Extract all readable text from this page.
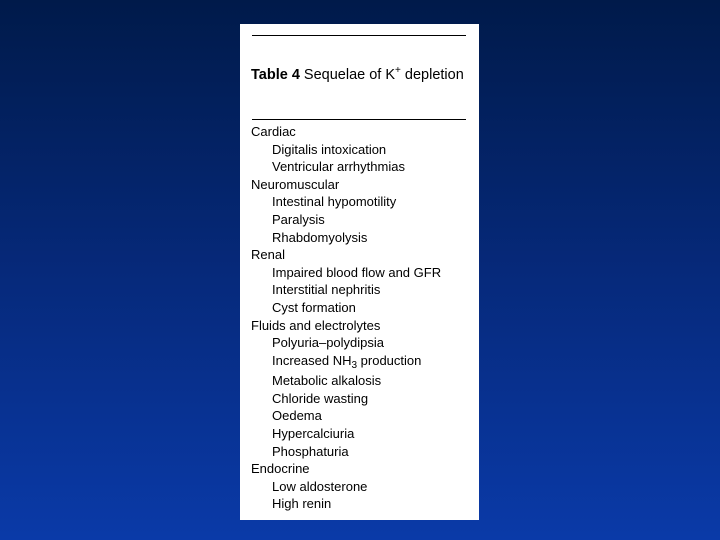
Table 4 Sequelae of K+ depletion
Cardiac
Digitalis intoxication
Ventricular arrhythmias
Neuromuscular
Intestinal hypomotility
Paralysis
Rhabdomyolysis
Renal
Impaired blood flow and GFR
Interstitial nephritis
Cyst formation
Fluids and electrolytes
Polyuria–polydipsia
Increased $NH_3$ production
Metabolic alkalosis
Chloride wasting
Oedema
Hypercalciuria
Phosphaturia
Endocrine
Low aldosterone
High renin
